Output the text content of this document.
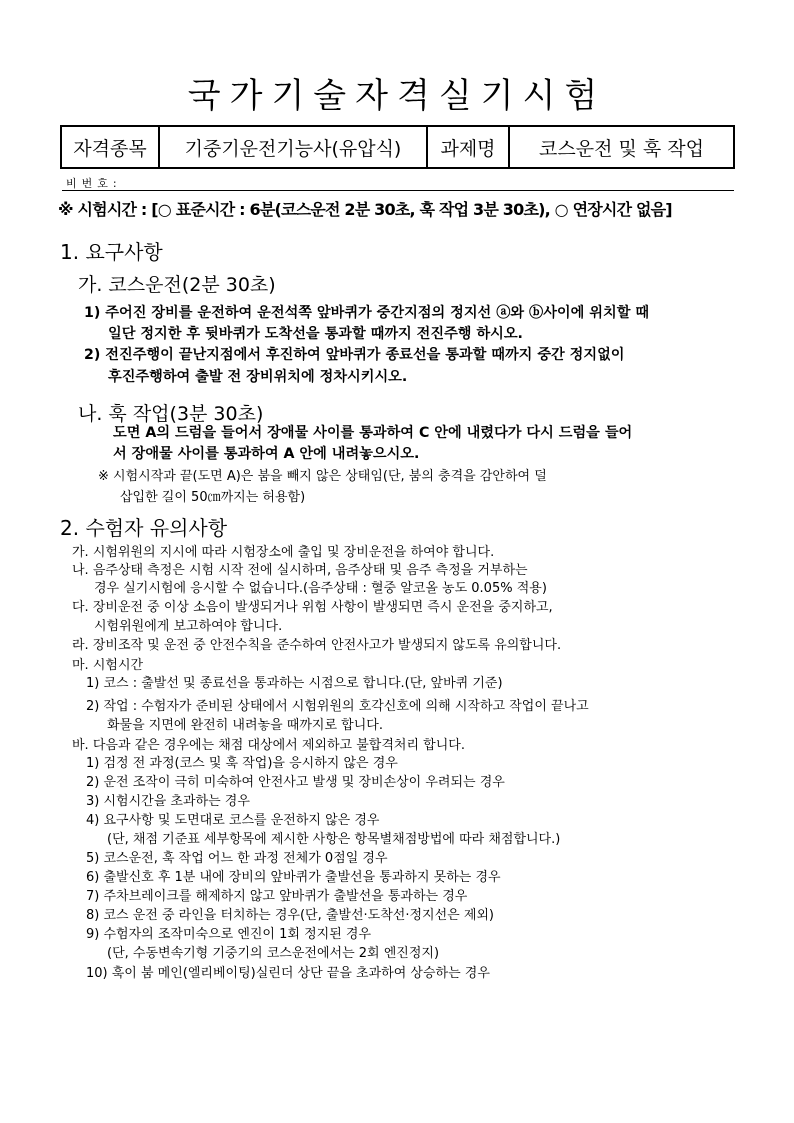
국가기술자격실기시험
자격종목	기중기운전기능사(유압식)	과제명	코스운전 및 훅 작업
비번호:
※ 시험시간 : [○ 표준시간 : 6분(코스운전 2분 30초, 훅 작업 3분 30초), ○ 연장시간 없음]
1. 요구사항
가. 코스운전(2분 30초)
1) 주어진 장비를 운전하여 운전석쪽 앞바퀴가 중간지점의 정지선 ⓐ와 ⓑ사이에 위치할 때
일단 정지한 후 뒷바퀴가 도착선을 통과할 때까지 전진주행 하시오.
2) 전진주행이 끝난지점에서 후진하여 앞바퀴가 종료선을 통과할 때까지 중간 정지없이
후진주행하여 출발 전 장비위치에 정차시키시오.
나. 훅 작업(3분 30초)
도면 A의 드럼을 들어서 장애물 사이를 통과하여 C 안에 내렸다가 다시 드럼을 들어
서 장애물 사이를 통과하여 A 안에 내려놓으시오.
※ 시험시작과 끝(도면 A)은 붐을 빼지 않은 상태임(단, 붐의 충격을 감안하여 덜
삽입한 길이 50㎝까지는 허용함)
2. 수험자 유의사항
가. 시험위원의 지시에 따라 시험장소에 출입 및 장비운전을 하여야 합니다.
나. 음주상태 측정은 시험 시작 전에 실시하며, 음주상태 및 음주 측정을 거부하는
경우 실기시험에 응시할 수 없습니다.(음주상태 : 혈중 알코올 농도 0.05% 적용)
다. 장비운전 중 이상 소음이 발생되거나 위험 사항이 발생되면 즉시 운전을 중지하고,
시험위원에게 보고하여야 합니다.
라. 장비조작 및 운전 중 안전수칙을 준수하여 안전사고가 발생되지 않도록 유의합니다.
마. 시험시간
1) 코스 : 출발선 및 종료선을 통과하는 시점으로 합니다.(단, 앞바퀴 기준)
2) 작업 : 수험자가 준비된 상태에서 시험위원의 호각신호에 의해 시작하고 작업이 끝나고
화물을 지면에 완전히 내려놓을 때까지로 합니다.
바. 다음과 같은 경우에는 채점 대상에서 제외하고 불합격처리 합니다.
1) 검정 전 과정(코스 및 훅 작업)을 응시하지 않은 경우
2) 운전 조작이 극히 미숙하여 안전사고 발생 및 장비손상이 우려되는 경우
3) 시험시간을 초과하는 경우
4) 요구사항 및 도면대로 코스를 운전하지 않은 경우
(단, 채점 기준표 세부항목에 제시한 사항은 항목별채점방법에 따라 채점합니다.)
5) 코스운전, 훅 작업 어느 한 과정 전체가 0점일 경우
6) 출발신호 후 1분 내에 장비의 앞바퀴가 출발선을 통과하지 못하는 경우
7) 주차브레이크를 해제하지 않고 앞바퀴가 출발선을 통과하는 경우
8) 코스 운전 중 라인을 터치하는 경우(단, 출발선·도착선·정지선은 제외)
9) 수험자의 조작미숙으로 엔진이 1회 정지된 경우
(단, 수동변속기형 기중기의 코스운전에서는 2회 엔진정지)
10) 훅이 붐 메인(엘리베이팅)실린더 상단 끝을 초과하여 상승하는 경우
